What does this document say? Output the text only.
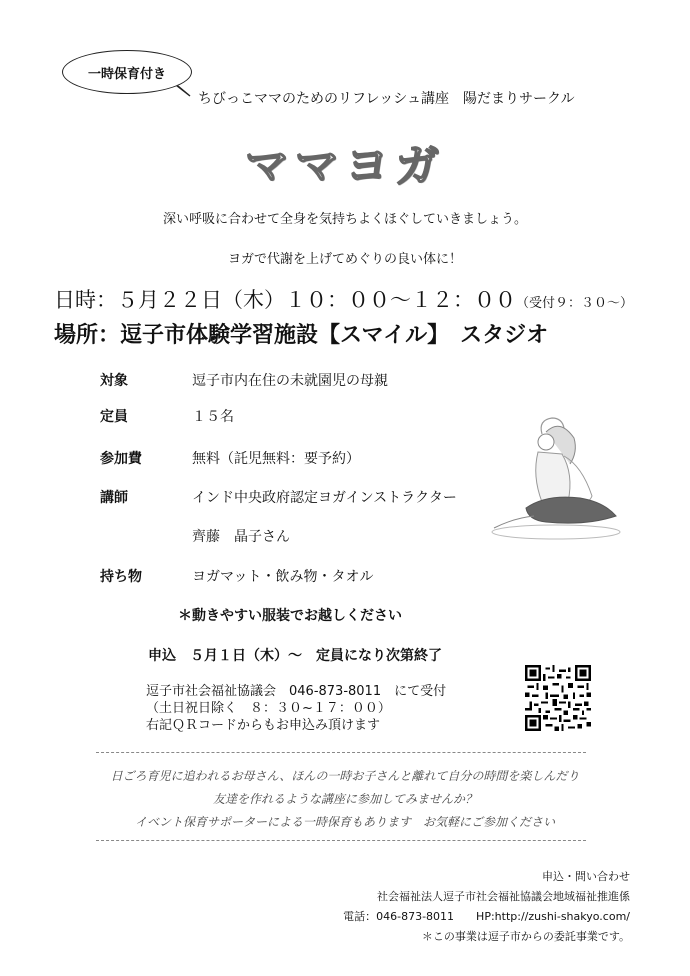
一時保育付き
ちびっこママのためのリフレッシュ講座　陽だまりサークル
ママヨガ
深い呼吸に合わせて全身を気持ちよくほぐしていきましょう。
ヨガで代謝を上げてめぐりの良い体に！
日時：５月２２日（木）１０：００～１２：００（受付９：３０～）
場所：逗子市体験学習施設【スマイル】　スタジオ
対象	逗子市内在住の未就園児の母親
定員	１５名
参加費	無料（託児無料：要予約）
講師	インド中央政府認定ヨガインストラクター
齊藤　晶子さん
持ち物	ヨガマット・飲み物・タオル
＊動きやすい服装でお越しください
申込　５月１日（木）～　定員になり次第終了
逗子市社会福祉協議会　046-873-8011　にて受付
（土日祝日除く　８：３０~１７：００）
右記ＱＲコードからもお申込み頂けます
日ごろ育児に追われるお母さん、ほんの一時お子さんと離れて自分の時間を楽しんだり
友達を作れるような講座に参加してみませんか？
イベント保育サポーターによる一時保育もあります　お気軽にご参加ください
申込・問い合わせ
社会福祉法人逗子市社会福祉協議会地域福祉推進係
電話：046-873-8011　　HP:http://zushi-shakyo.com/
＊この事業は逗子市からの委託事業です。
